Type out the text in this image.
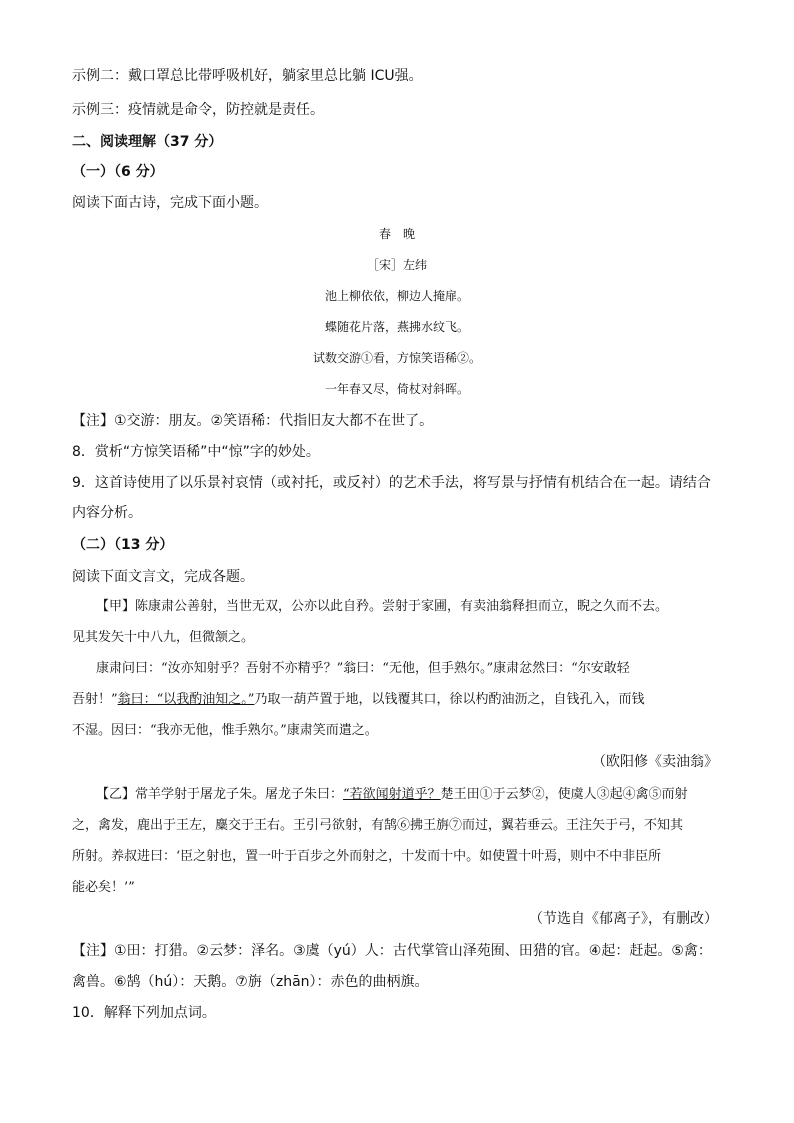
示例二：戴口罩总比带呼吸机好，躺家里总比躺 ICU强。
示例三：疫情就是命令，防控就是责任。
二、阅读理解（37 分）
（一）（6 分）
阅读下面古诗，完成下面小题。
春　晚
［宋］左纬
池上柳依依，柳边人掩扉。
蝶随花片落，燕拂水纹飞。
试数交游①看，方惊笑语稀②。
一年春又尽，倚杖对斜晖。
【注】①交游：朋友。②笑语稀：代指旧友大都不在世了。
8．赏析“方惊笑语稀”中“惊”字的妙处。
9．这首诗使用了以乐景衬哀情（或衬托，或反衬）的艺术手法，将写景与抒情有机结合在一起。请结合
内容分析。
（二）（13 分）
阅读下面文言文，完成各题。
【甲】陈康肃公善射，当世无双，公亦以此自矜。尝射于家圃，有卖油翁释担而立，睨之久而不去。
见其发矢十中八九，但微颔之。
康肃问曰：“汝亦知射乎？吾射不亦精乎？”翁曰：“无他，但手熟尔。”康肃忿然曰：“尔安敢轻
吾射！”翁曰：“以我酌油知之。”乃取一葫芦置于地，以钱覆其口，徐以杓酌油沥之，自钱孔入，而钱
不湿。因曰：“我亦无他，惟手熟尔。”康肃笑而遣之。
（欧阳修《卖油翁》
【乙】常羊学射于屠龙子朱。屠龙子朱曰：“若欲闻射道乎？楚王田①于云梦②，使虞人③起④禽⑤而射
之，禽发，鹿出于王左，麋交于王右。王引弓欲射，有鹄⑥拂王旃⑦而过，翼若垂云。王注矢于弓，不知其
所射。养叔进曰：‘臣之射也，置一叶于百步之外而射之，十发而十中。如使置十叶焉，则中不中非臣所
能必矣！’”
（节选自《郁离子》，有删改）
【注】①田：打猎。②云梦：泽名。③虞（yú）人：古代掌管山泽苑囿、田猎的官。④起：赶起。⑤禽：
禽兽。⑥鹄（hú）：天鹅。⑦旃（zhān）：赤色的曲柄旗。
10．解释下列加点词。
